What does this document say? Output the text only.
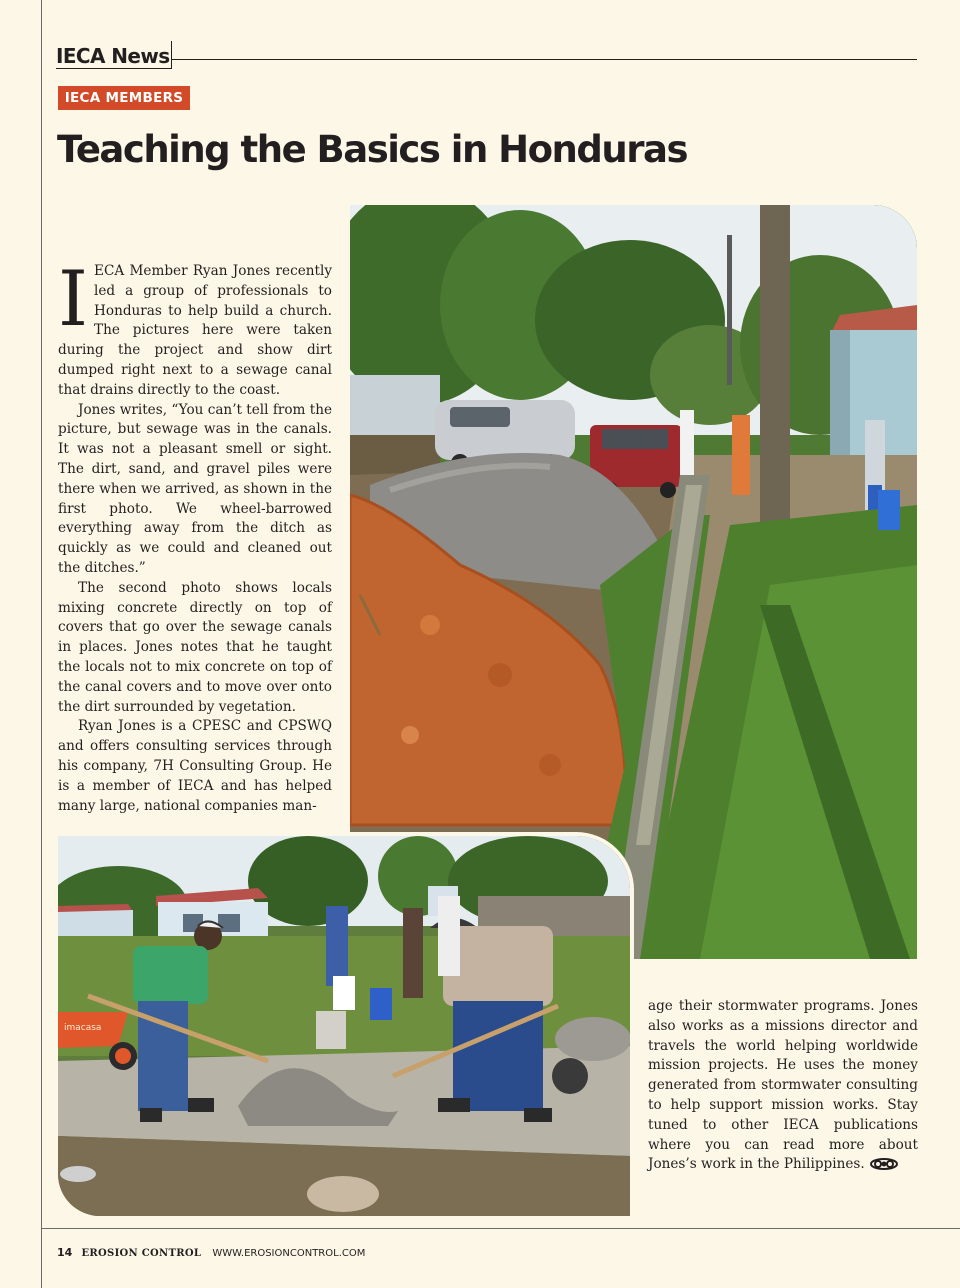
IECA News
IECA MEMBERS
Teaching the Basics in Honduras

IECA Member Ryan Jones recently led a group of professionals to Honduras to help build a church. The pictures here were taken during the project and show dirt dumped right next to a sewage canal that drains directly to the coast.

Jones writes, “You can’t tell from the picture, but sewage was in the canals. It was not a pleasant smell or sight. The dirt, sand, and gravel piles were there when we arrived, as shown in the first photo. We wheel-barrowed everything away from the ditch as quickly as we could and cleaned out the ditches.”

The second photo shows locals mixing concrete directly on top of covers that go over the sewage canals in places. Jones notes that he taught the locals not to mix concrete on top of the canal covers and to move over onto the dirt surrounded by vegetation.

Ryan Jones is a CPESC and CPSWQ and offers consulting services through his company, 7H Consulting Group. He is a member of IECA and has helped many large, national companies man-

imacasa

age their stormwater programs. Jones also works as a missions director and travels the world helping worldwide mission projects. He uses the money generated from stormwater consulting to help support mission works. Stay tuned to other IECA publications where you can read more about Jones’s work in the Philippines.

14 EROSION CONTROL WWW.EROSIONCONTROL.COM
